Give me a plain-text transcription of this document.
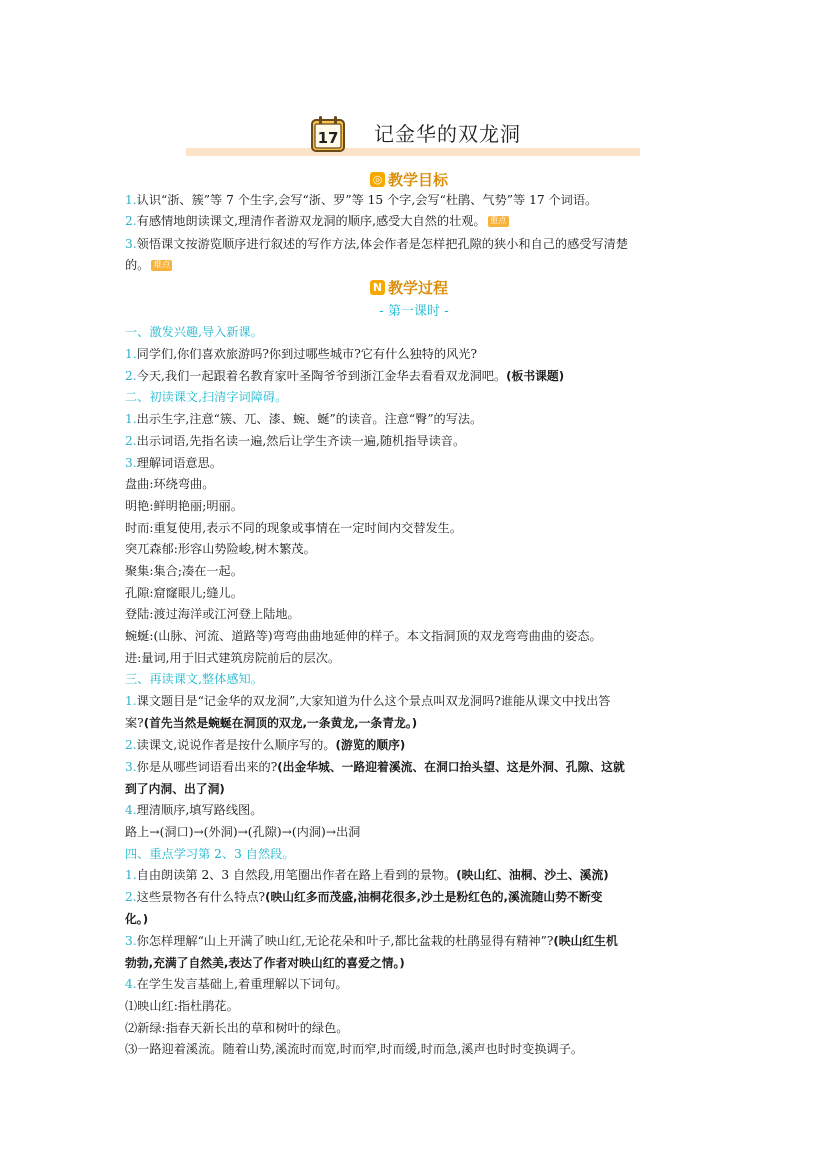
17 记金华的双龙洞
◎ 教学目标
1.认识“浙、簇”等 7 个生字,会写“浙、罗”等 15 个字,会写“杜鹃、气势”等 17 个词语。
2.有感情地朗读课文,理清作者游双龙洞的顺序,感受大自然的壮观。 重点
3.领悟课文按游览顺序进行叙述的写作方法,体会作者是怎样把孔隙的狭小和自己的感受写清楚
的。 难点
N 教学过程
- 第一课时 -
一、激发兴趣,导入新课。
1.同学们,你们喜欢旅游吗?你到过哪些城市?它有什么独特的风光?
2.今天,我们一起跟着名教育家叶圣陶爷爷到浙江金华去看看双龙洞吧。(板书课题)
二、初读课文,扫清字词障碍。
1.出示生字,注意“簇、兀、漆、蜿、蜒”的读音。注意“臀”的写法。
2.出示词语,先指名读一遍,然后让学生齐读一遍,随机指导读音。
3.理解词语意思。
盘曲:环绕弯曲。
明艳:鲜明艳丽;明丽。
时而:重复使用,表示不同的现象或事情在一定时间内交替发生。
突兀森郁:形容山势险峻,树木繁茂。
聚集:集合;凑在一起。
孔隙:窟窿眼儿;缝儿。
登陆:渡过海洋或江河登上陆地。
蜿蜒:(山脉、河流、道路等)弯弯曲曲地延伸的样子。本文指洞顶的双龙弯弯曲曲的姿态。
进:量词,用于旧式建筑房院前后的层次。
三、再读课文,整体感知。
1.课文题目是“记金华的双龙洞”,大家知道为什么这个景点叫双龙洞吗?谁能从课文中找出答
案?(首先当然是蜿蜒在洞顶的双龙,一条黄龙,一条青龙。)
2.读课文,说说作者是按什么顺序写的。(游览的顺序)
3.你是从哪些词语看出来的?(出金华城、一路迎着溪流、在洞口抬头望、这是外洞、孔隙、这就
到了内洞、出了洞)
4.理清顺序,填写路线图。
路上→(洞口)→(外洞)→(孔隙)→(内洞)→出洞
四、重点学习第 2、3 自然段。
1.自由朗读第 2、3 自然段,用笔圈出作者在路上看到的景物。(映山红、油桐、沙土、溪流)
2.这些景物各有什么特点?(映山红多而茂盛,油桐花很多,沙土是粉红色的,溪流随山势不断变
化。)
3.你怎样理解“山上开满了映山红,无论花朵和叶子,都比盆栽的杜鹃显得有精神”?(映山红生机
勃勃,充满了自然美,表达了作者对映山红的喜爱之情。)
4.在学生发言基础上,着重理解以下词句。
⑴映山红:指杜鹃花。
⑵新绿:指春天新长出的草和树叶的绿色。
⑶一路迎着溪流。随着山势,溪流时而宽,时而窄,时而缓,时而急,溪声也时时变换调子。
